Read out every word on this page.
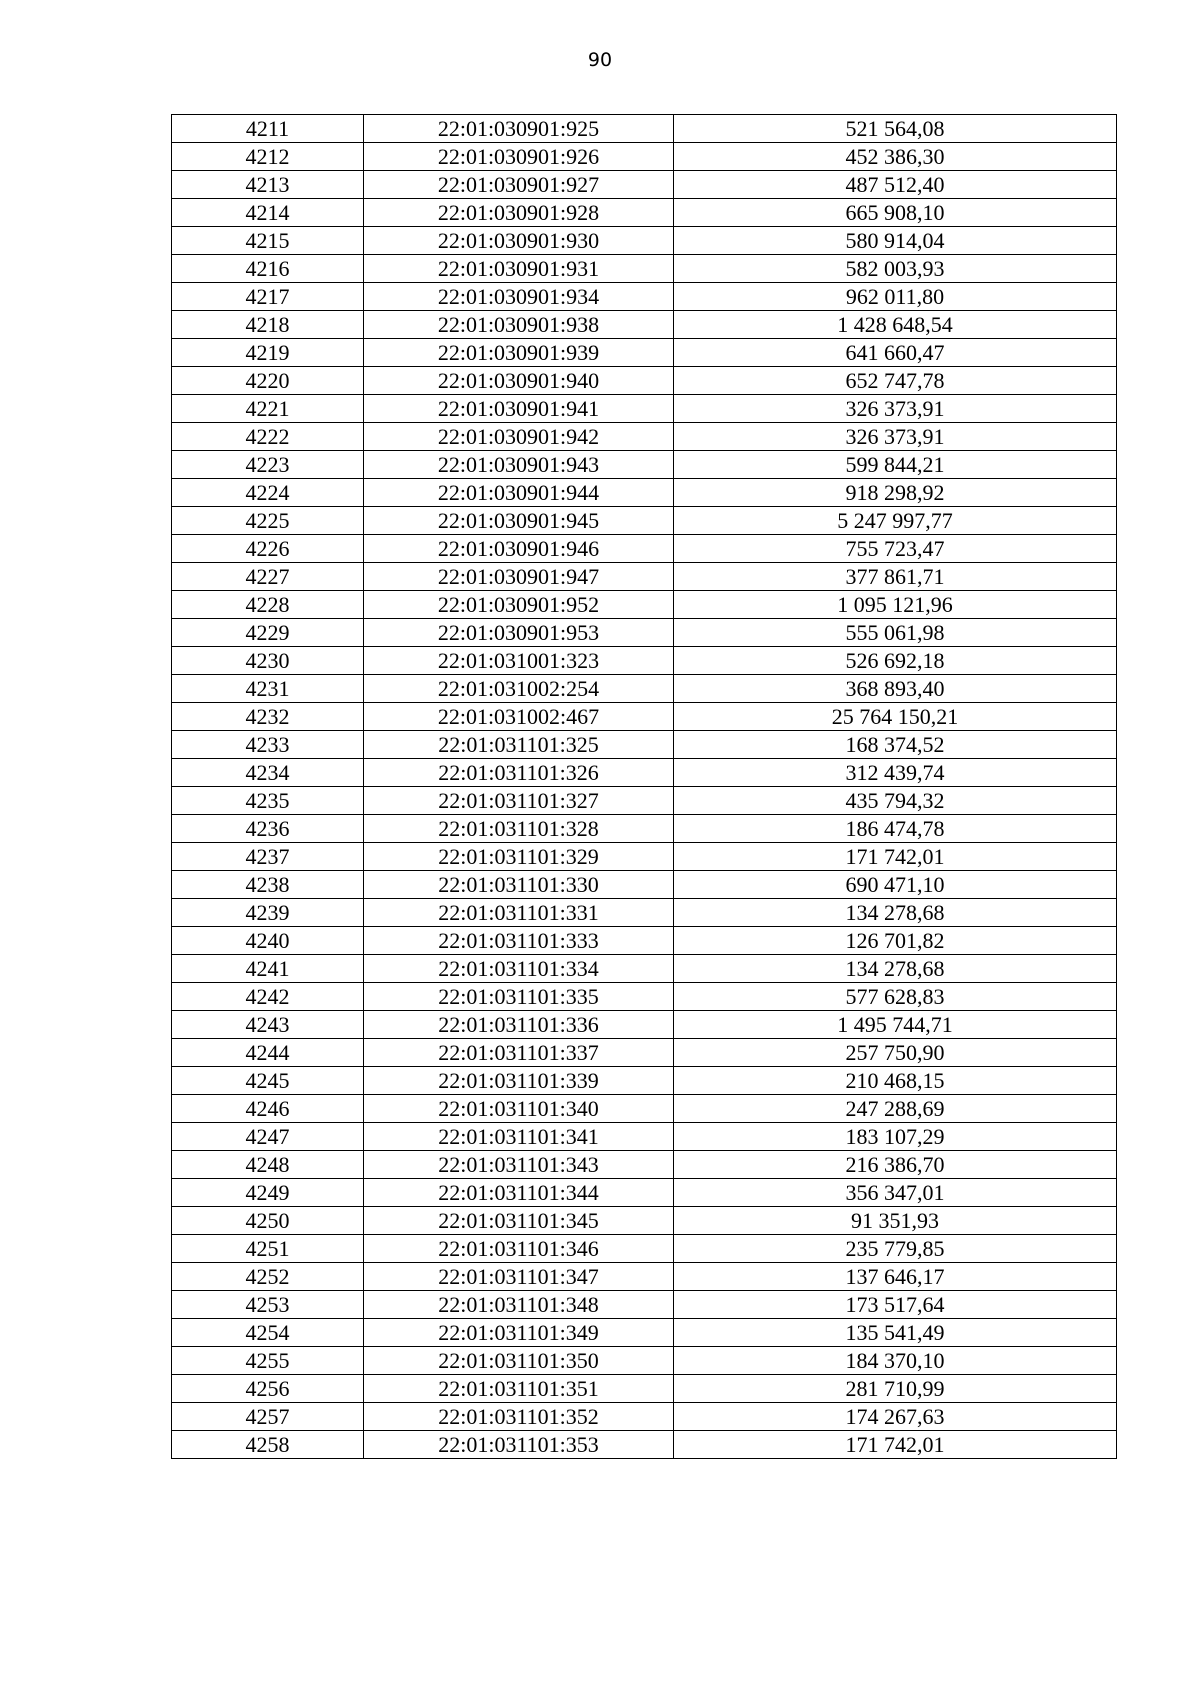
90
4211	22:01:030901:925	521 564,08
4212	22:01:030901:926	452 386,30
4213	22:01:030901:927	487 512,40
4214	22:01:030901:928	665 908,10
4215	22:01:030901:930	580 914,04
4216	22:01:030901:931	582 003,93
4217	22:01:030901:934	962 011,80
4218	22:01:030901:938	1 428 648,54
4219	22:01:030901:939	641 660,47
4220	22:01:030901:940	652 747,78
4221	22:01:030901:941	326 373,91
4222	22:01:030901:942	326 373,91
4223	22:01:030901:943	599 844,21
4224	22:01:030901:944	918 298,92
4225	22:01:030901:945	5 247 997,77
4226	22:01:030901:946	755 723,47
4227	22:01:030901:947	377 861,71
4228	22:01:030901:952	1 095 121,96
4229	22:01:030901:953	555 061,98
4230	22:01:031001:323	526 692,18
4231	22:01:031002:254	368 893,40
4232	22:01:031002:467	25 764 150,21
4233	22:01:031101:325	168 374,52
4234	22:01:031101:326	312 439,74
4235	22:01:031101:327	435 794,32
4236	22:01:031101:328	186 474,78
4237	22:01:031101:329	171 742,01
4238	22:01:031101:330	690 471,10
4239	22:01:031101:331	134 278,68
4240	22:01:031101:333	126 701,82
4241	22:01:031101:334	134 278,68
4242	22:01:031101:335	577 628,83
4243	22:01:031101:336	1 495 744,71
4244	22:01:031101:337	257 750,90
4245	22:01:031101:339	210 468,15
4246	22:01:031101:340	247 288,69
4247	22:01:031101:341	183 107,29
4248	22:01:031101:343	216 386,70
4249	22:01:031101:344	356 347,01
4250	22:01:031101:345	91 351,93
4251	22:01:031101:346	235 779,85
4252	22:01:031101:347	137 646,17
4253	22:01:031101:348	173 517,64
4254	22:01:031101:349	135 541,49
4255	22:01:031101:350	184 370,10
4256	22:01:031101:351	281 710,99
4257	22:01:031101:352	174 267,63
4258	22:01:031101:353	171 742,01
